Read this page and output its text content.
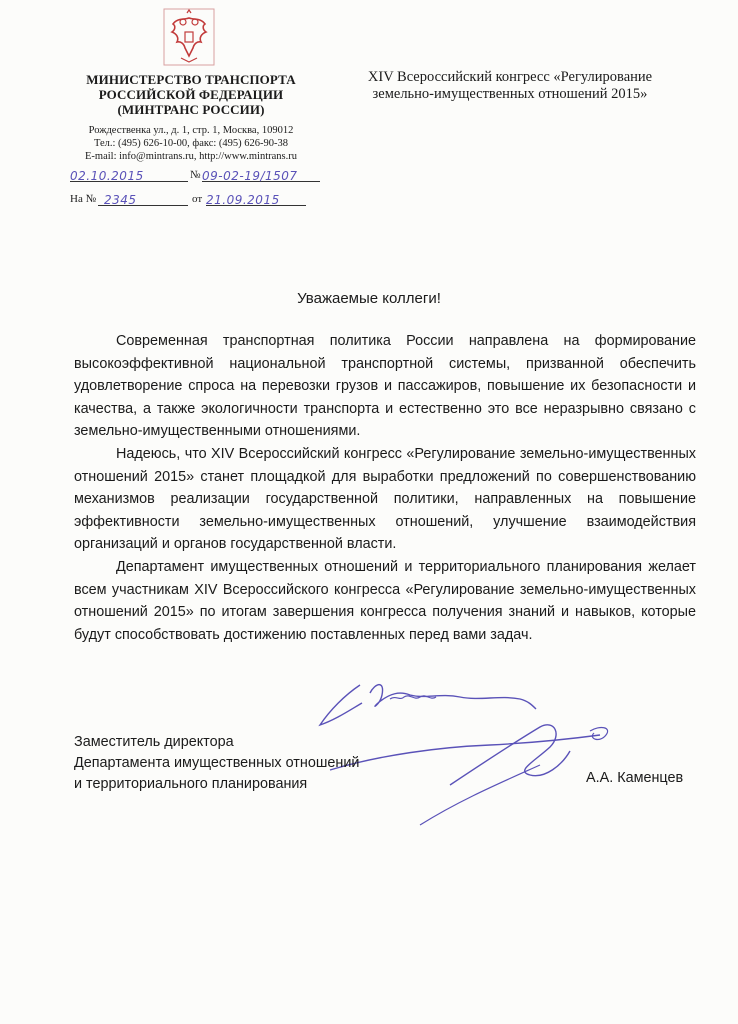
МИНИСТЕРСТВО ТРАНСПОРТА
РОССИЙСКОЙ ФЕДЕРАЦИИ
(МИНТРАНС РОССИИ)
Рождественка ул., д. 1, стр. 1, Москва, 109012
Тел.: (495) 626-10-00, факс: (495) 626-90-38
E-mail: info@mintrans.ru, http://www.mintrans.ru
02.10.2015	№ 09-02-19/1507
На № 2345	от 21.09.2015
XIV Всероссийский конгресс «Регулирование
земельно-имущественных отношений 2015»
Уважаемые коллеги!

Современная транспортная политика России направлена на формирование высокоэффективной национальной транспортной системы, призванной обеспечить удовлетворение спроса на перевозки грузов и пассажиров, повышение их безопасности и качества, а также экологичности транспорта и естественно это все неразрывно связано с земельно-имущественными отношениями.

Надеюсь, что XIV Всероссийский конгресс «Регулирование земельно-имущественных отношений 2015» станет площадкой для выработки предложений по совершенствованию механизмов реализации государственной политики, направленных на повышение эффективности земельно-имущественных отношений, улучшение взаимодействия организаций и органов государственной власти.

Департамент имущественных отношений и территориального планирования желает всем участникам XIV Всероссийского конгресса «Регулирование земельно-имущественных отношений 2015» по итогам завершения конгресса получения знаний и навыков, которые будут способствовать достижению поставленных перед вами задач.

Заместитель директора
Департамента имущественных отношений
и территориального планирования	А.А. Каменцев
